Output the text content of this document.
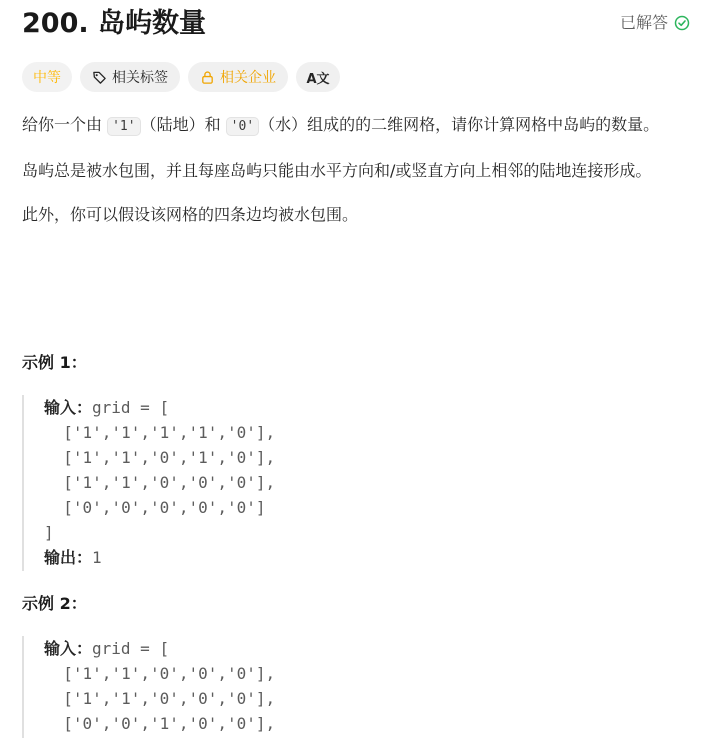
200. 岛屿数量	已解答
中等	相关标签	相关企业 A文

给你一个由 '1' （陆地）和 '0' （水）组成的的二维网格，请你计算网格中岛屿的数量。

岛屿总是被水包围，并且每座岛屿只能由水平方向和/或竖直方向上相邻的陆地连接形成。

此外，你可以假设该网格的四条边均被水包围。

示例 1：
输入：grid = [
['1','1','1','1','0'],
['1','1','0','1','0'],
['1','1','0','0','0'],
['0','0','0','0','0']
]
输出：1
示例 2：
输入：grid = [
['1','1','0','0','0'],
['1','1','0','0','0'],
['0','0','1','0','0'],
